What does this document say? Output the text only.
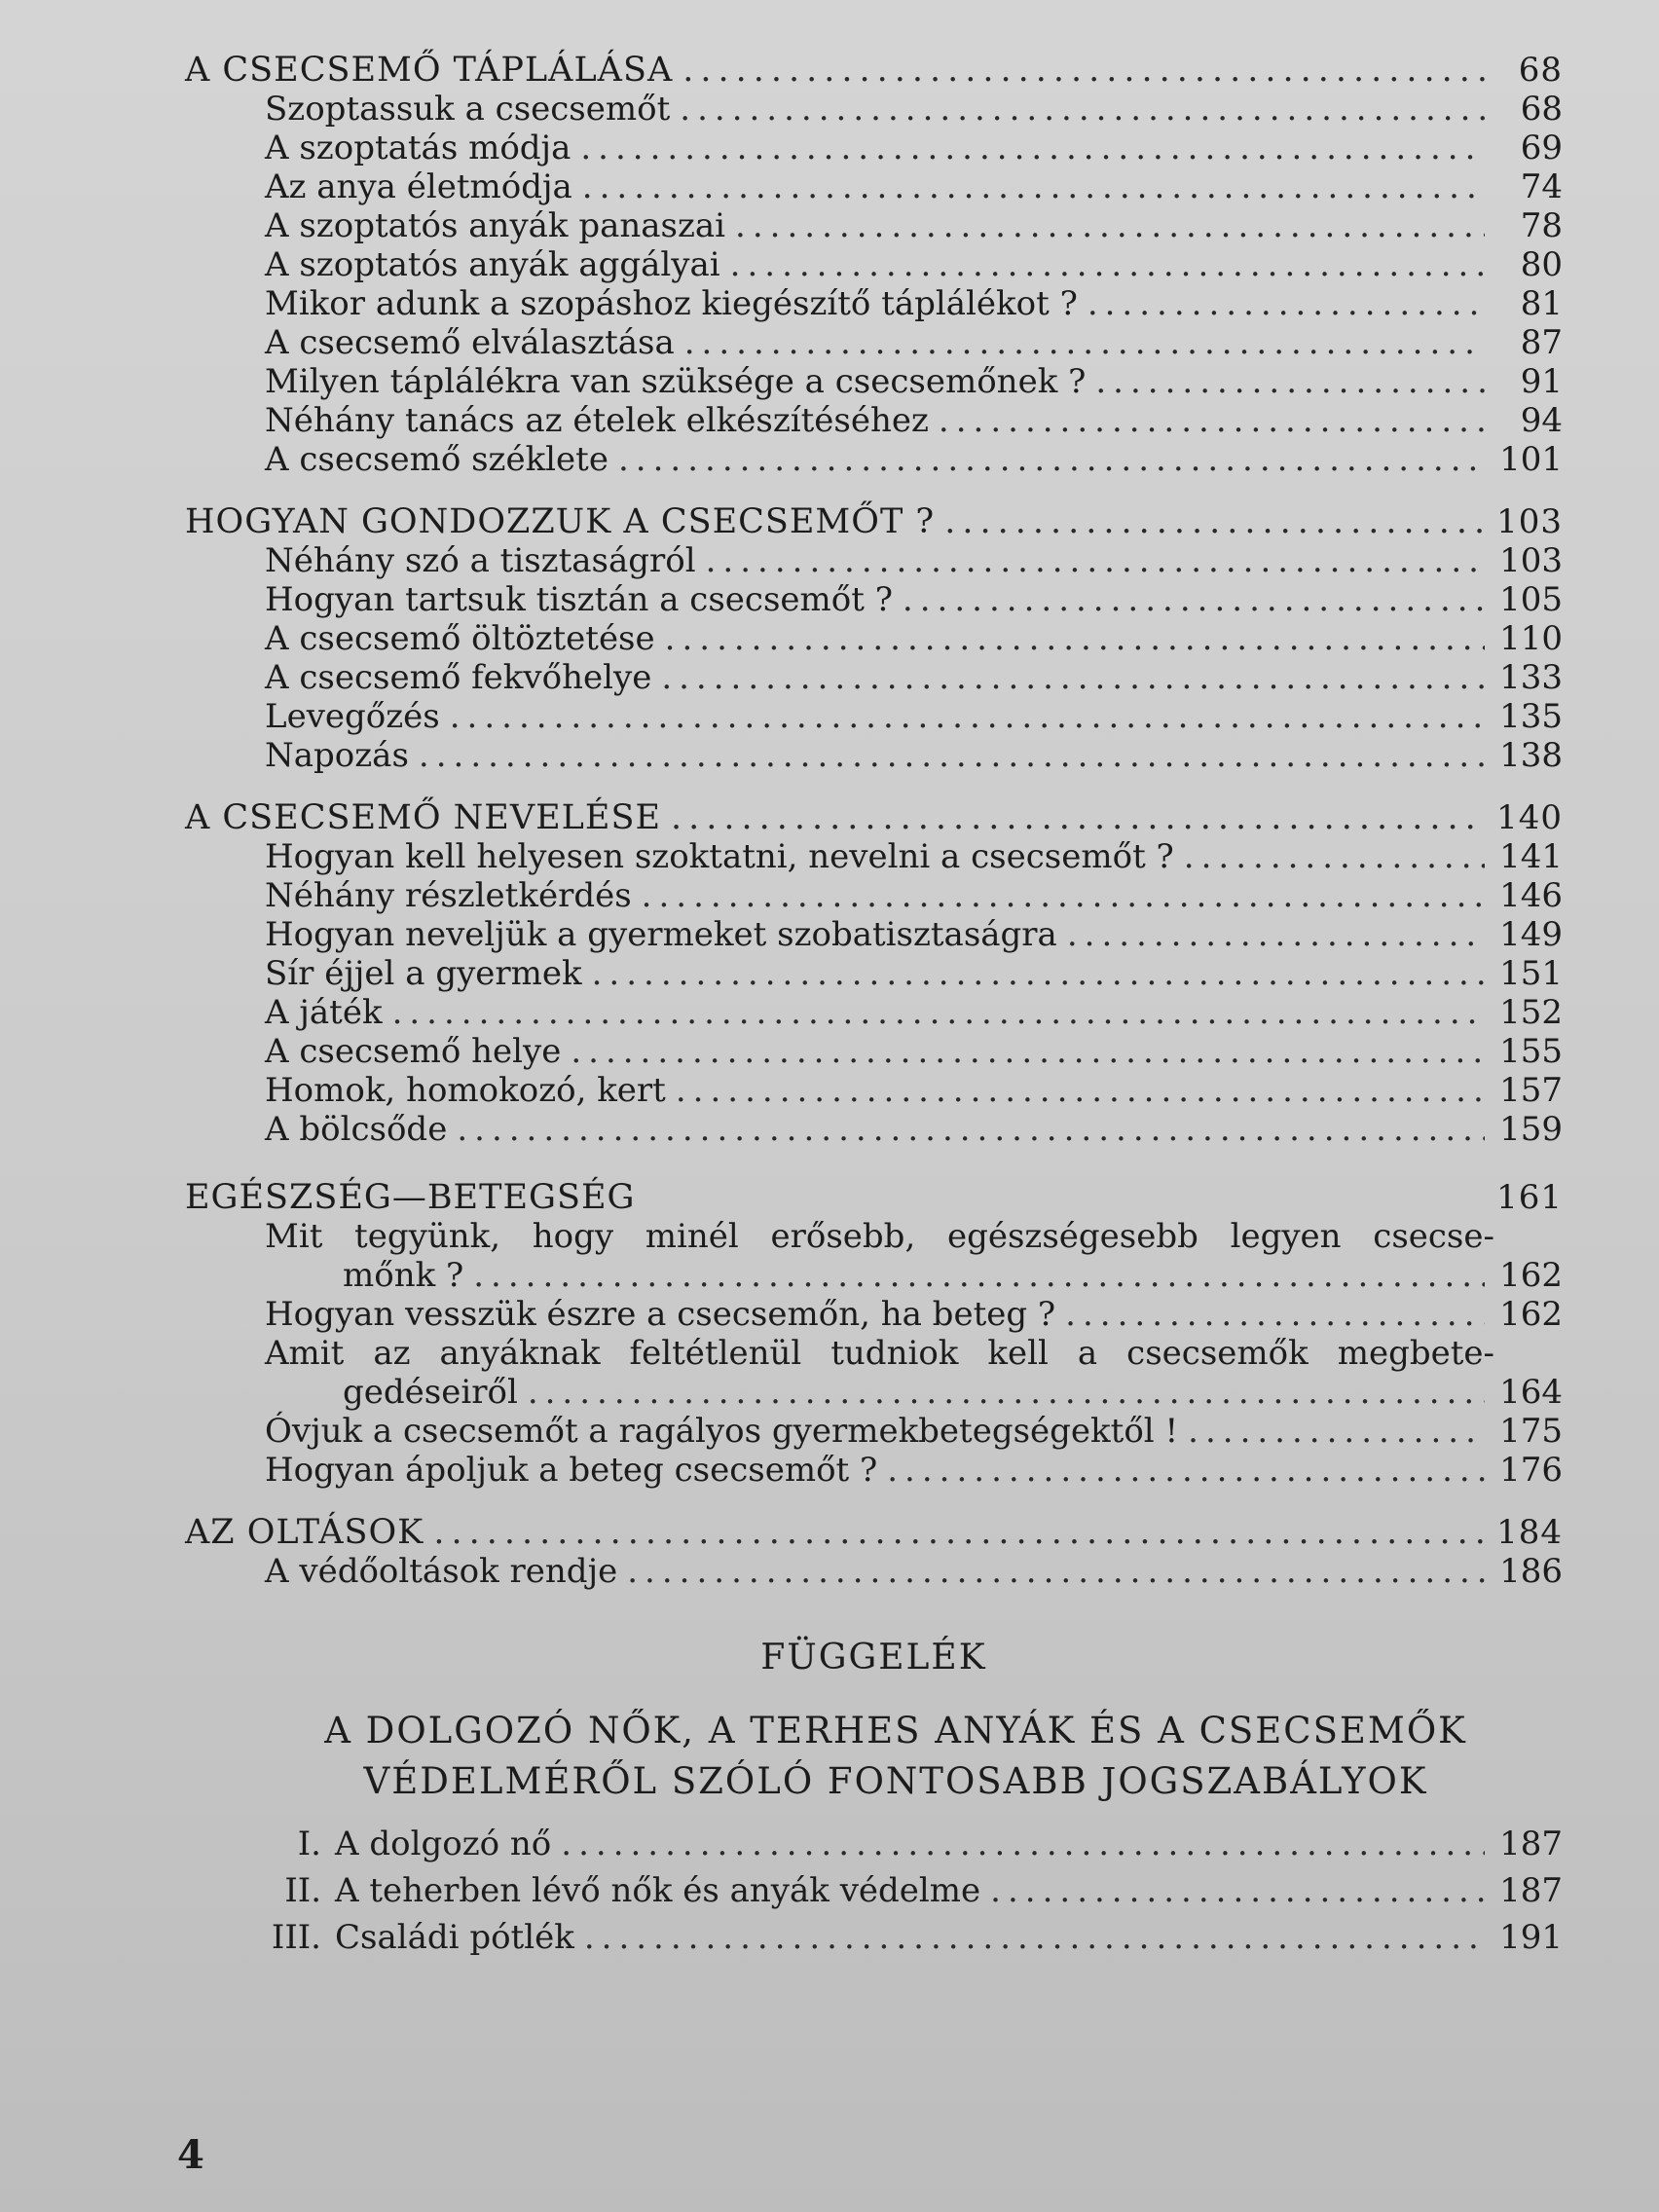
A CSECSEMŐ TÁPLÁLÁSA .....	68
Szoptassuk a csecsemőt .....	68
A szoptatás módja .....	69
Az anya életmódja .....	74
A szoptatós anyák panaszai .....	78
A szoptatós anyák aggályai .....	80
Mikor adunk a szopáshoz kiegészítő táplálékot ? .....	81
A csecsemő elválasztása .....	87
Milyen táplálékra van szüksége a csecsemőnek ? .....	91
Néhány tanács az ételek elkészítéséhez .....	94
A csecsemő széklete .....	101
HOGYAN GONDOZZUK A CSECSEMŐT ? .....	103
Néhány szó a tisztaságról .....	103
Hogyan tartsuk tisztán a csecsemőt ? .....	105
A csecsemő öltöztetése .....	110
A csecsemő fekvőhelye .....	133
Levegőzés .....	135
Napozás .....	138
A CSECSEMŐ NEVELÉSE .....	140
Hogyan kell helyesen szoktatni, nevelni a csecsemőt ? .....	141
Néhány részletkérdés .....	146
Hogyan neveljük a gyermeket szobatisztaságra .....	149
Sír éjjel a gyermek .....	151
A játék .....	152
A csecsemő helye .....	155
Homok, homokozó, kert .....	157
A bölcsőde .....	159
EGÉSZSÉG—BETEGSÉG	161
Mit tegyünk, hogy minél erősebb, egészségesebb legyen csecse-
mőnk ? .....	162
Hogyan vesszük észre a csecsemőn, ha beteg ? .....	162
Amit az anyáknak feltétlenül tudniok kell a csecsemők megbete-
gedéseiről .....	164
Óvjuk a csecsemőt a ragályos gyermekbetegségektől ! .....	175
Hogyan ápoljuk a beteg csecsemőt ? .....	176
AZ OLTÁSOK .....	184
A védőoltások rendje .....	186
FÜGGELÉK
A DOLGOZÓ NŐK, A TERHES ANYÁK ÉS A CSECSEMŐK
VÉDELMÉRŐL SZÓLÓ FONTOSABB JOGSZABÁLYOK
I. A dolgozó nő .....	187
II. A teherben lévő nők és anyák védelme .....	187
III. Családi pótlék .....	191
4
